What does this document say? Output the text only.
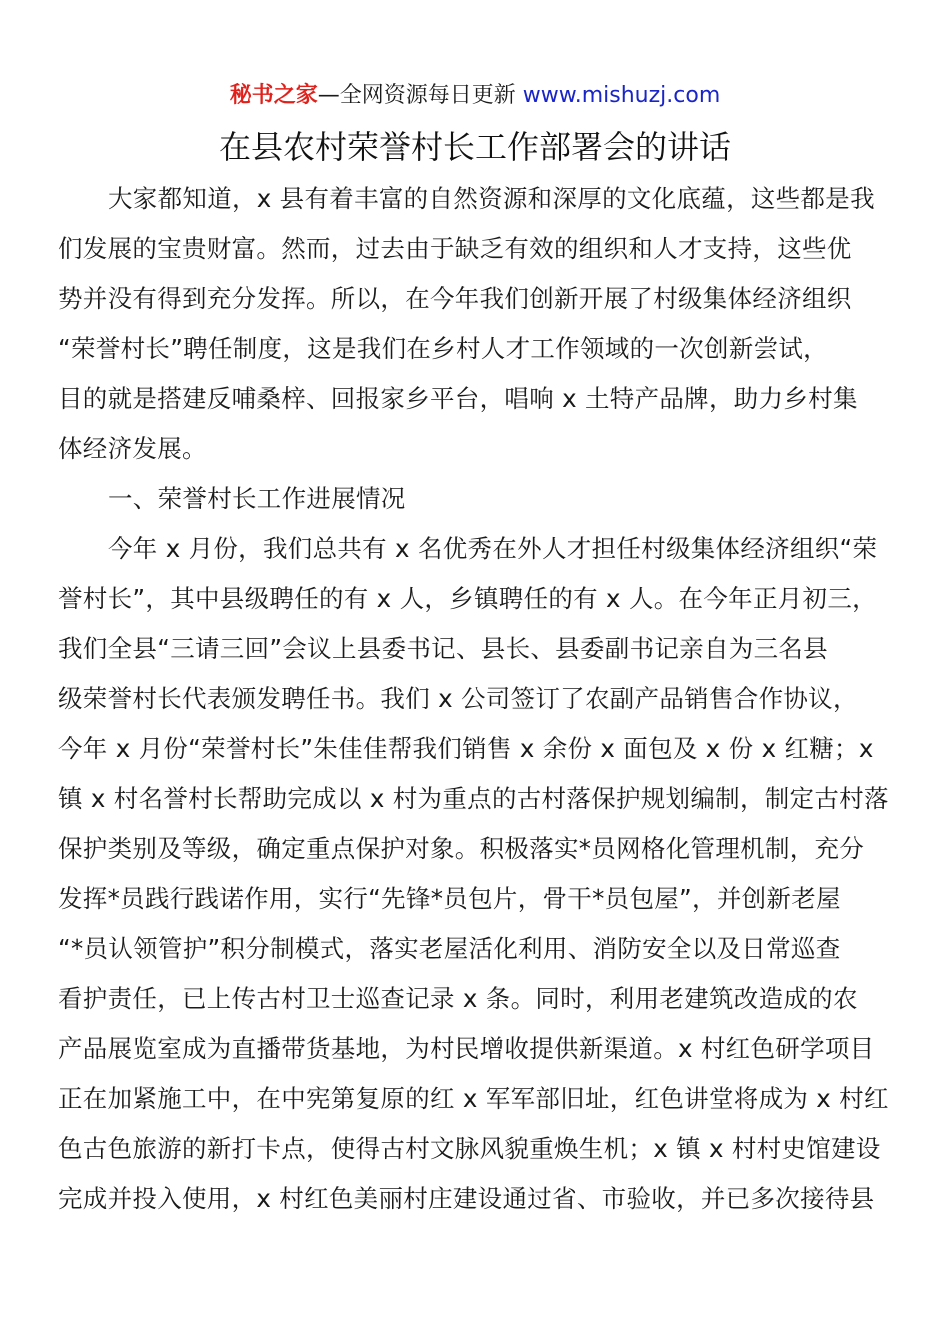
秘书之家—全网资源每日更新 www.mishuzj.com
在县农村荣誉村长工作部署会的讲话
大家都知道，x 县有着丰富的自然资源和深厚的文化底蕴，这些都是我
们发展的宝贵财富。然而，过去由于缺乏有效的组织和人才支持，这些优
势并没有得到充分发挥。所以，在今年我们创新开展了村级集体经济组织
“荣誉村长”聘任制度，这是我们在乡村人才工作领域的一次创新尝试，
目的就是搭建反哺桑梓、回报家乡平台，唱响 x 土特产品牌，助力乡村集
体经济发展。
一、荣誉村长工作进展情况
今年 x 月份，我们总共有 x 名优秀在外人才担任村级集体经济组织“荣
誉村长”，其中县级聘任的有 x 人，乡镇聘任的有 x 人。在今年正月初三，
我们全县“三请三回”会议上县委书记、县长、县委副书记亲自为三名县
级荣誉村长代表颁发聘任书。我们 x 公司签订了农副产品销售合作协议，
今年 x 月份“荣誉村长”朱佳佳帮我们销售 x 余份 x 面包及 x 份 x 红糖；x
镇 x 村名誉村长帮助完成以 x 村为重点的古村落保护规划编制，制定古村落
保护类别及等级，确定重点保护对象。积极落实*员网格化管理机制，充分
发挥*员践行践诺作用，实行“先锋*员包片，骨干*员包屋”，并创新老屋
“*员认领管护”积分制模式，落实老屋活化利用、消防安全以及日常巡查
看护责任，已上传古村卫士巡查记录 x 条。同时，利用老建筑改造成的农
产品展览室成为直播带货基地，为村民增收提供新渠道。x 村红色研学项目
正在加紧施工中，在中宪第复原的红 x 军军部旧址，红色讲堂将成为 x 村红
色古色旅游的新打卡点，使得古村文脉风貌重焕生机；x 镇 x 村村史馆建设
完成并投入使用，x 村红色美丽村庄建设通过省、市验收，并已多次接待县
